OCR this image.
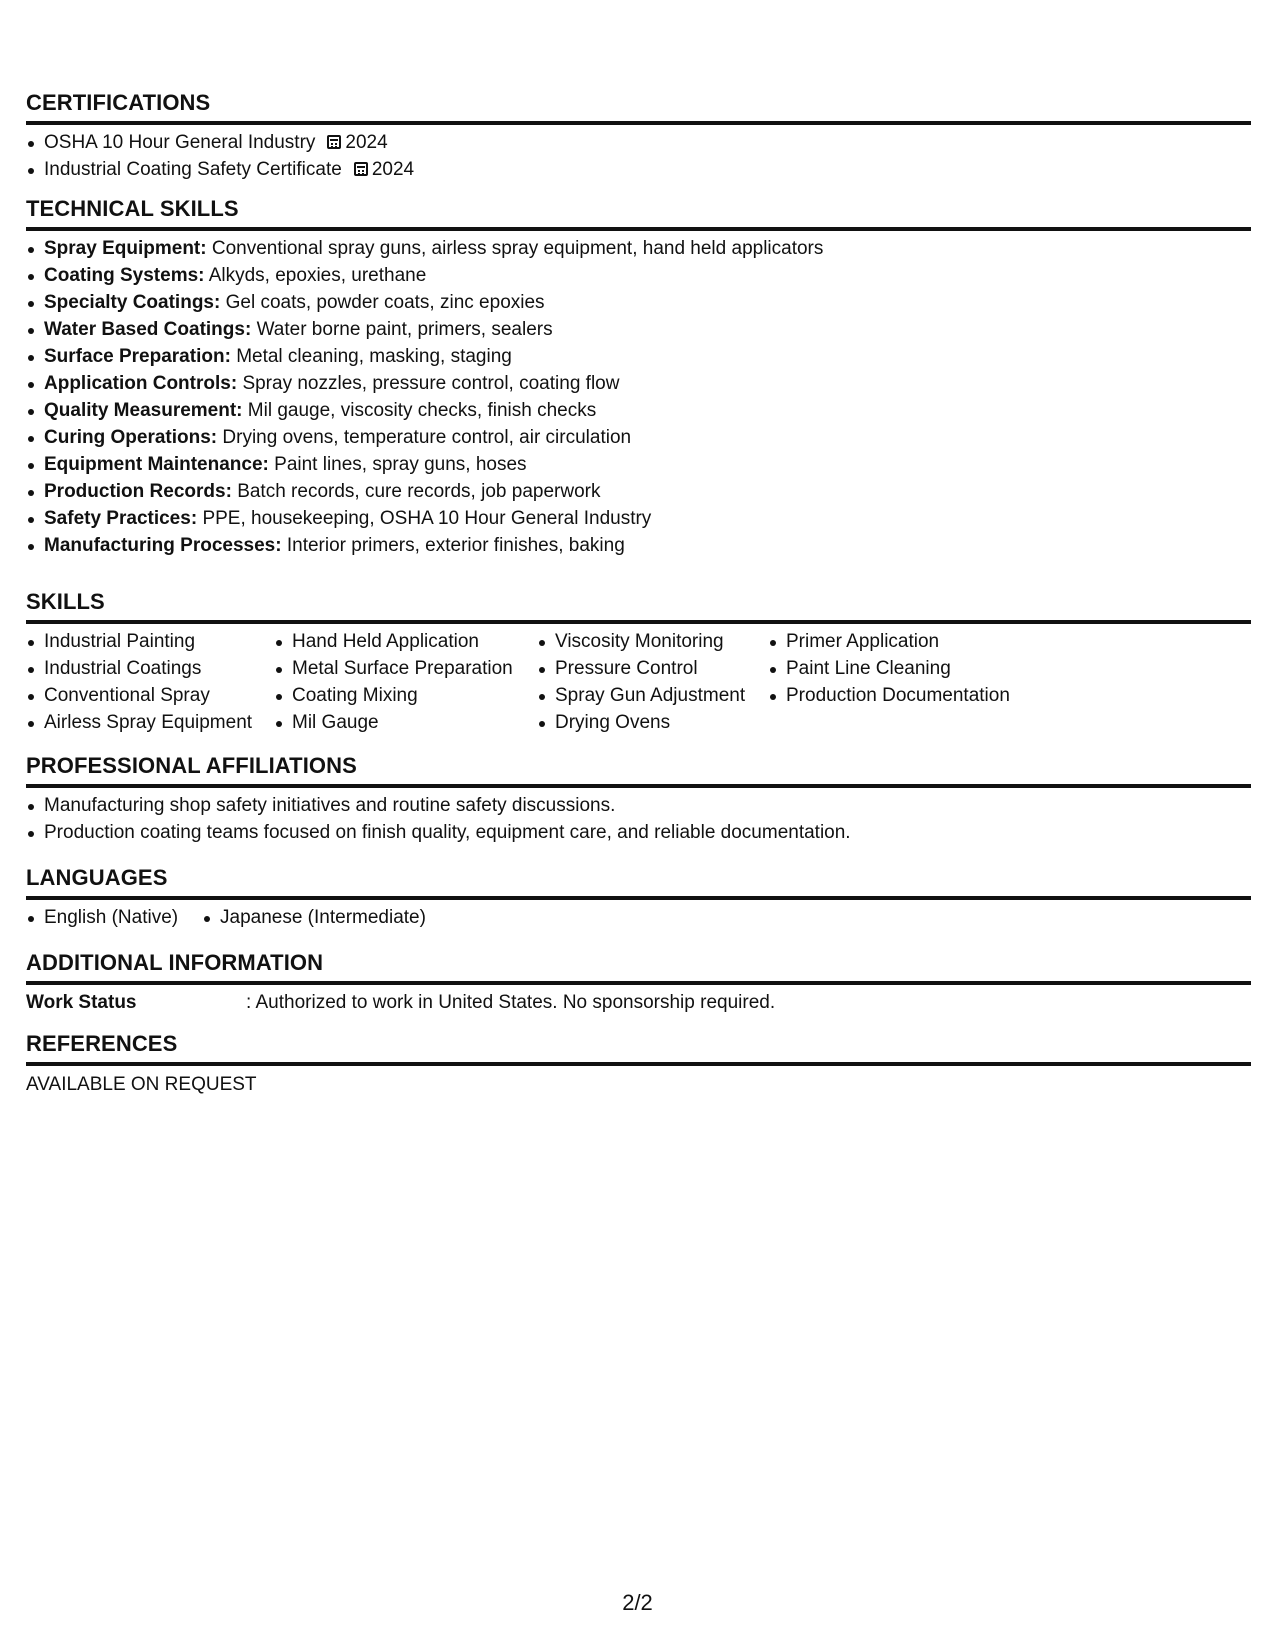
CERTIFICATIONS
OSHA 10 Hour General Industry 2024
Industrial Coating Safety Certificate 2024
TECHNICAL SKILLS
Spray Equipment: Conventional spray guns, airless spray equipment, hand held applicators
Coating Systems: Alkyds, epoxies, urethane
Specialty Coatings: Gel coats, powder coats, zinc epoxies
Water Based Coatings: Water borne paint, primers, sealers
Surface Preparation: Metal cleaning, masking, staging
Application Controls: Spray nozzles, pressure control, coating flow
Quality Measurement: Mil gauge, viscosity checks, finish checks
Curing Operations: Drying ovens, temperature control, air circulation
Equipment Maintenance: Paint lines, spray guns, hoses
Production Records: Batch records, cure records, job paperwork
Safety Practices: PPE, housekeeping, OSHA 10 Hour General Industry
Manufacturing Processes: Interior primers, exterior finishes, baking
SKILLS
Industrial Painting
Industrial Coatings
Conventional Spray
Airless Spray Equipment
Hand Held Application
Metal Surface Preparation
Coating Mixing
Mil Gauge
Viscosity Monitoring
Pressure Control
Spray Gun Adjustment
Drying Ovens
Primer Application
Paint Line Cleaning
Production Documentation
PROFESSIONAL AFFILIATIONS
Manufacturing shop safety initiatives and routine safety discussions.
Production coating teams focused on finish quality, equipment care, and reliable documentation.
LANGUAGES
English (Native)	Japanese (Intermediate)
ADDITIONAL INFORMATION
Work Status	: Authorized to work in United States. No sponsorship required.
REFERENCES
AVAILABLE ON REQUEST
2/2
